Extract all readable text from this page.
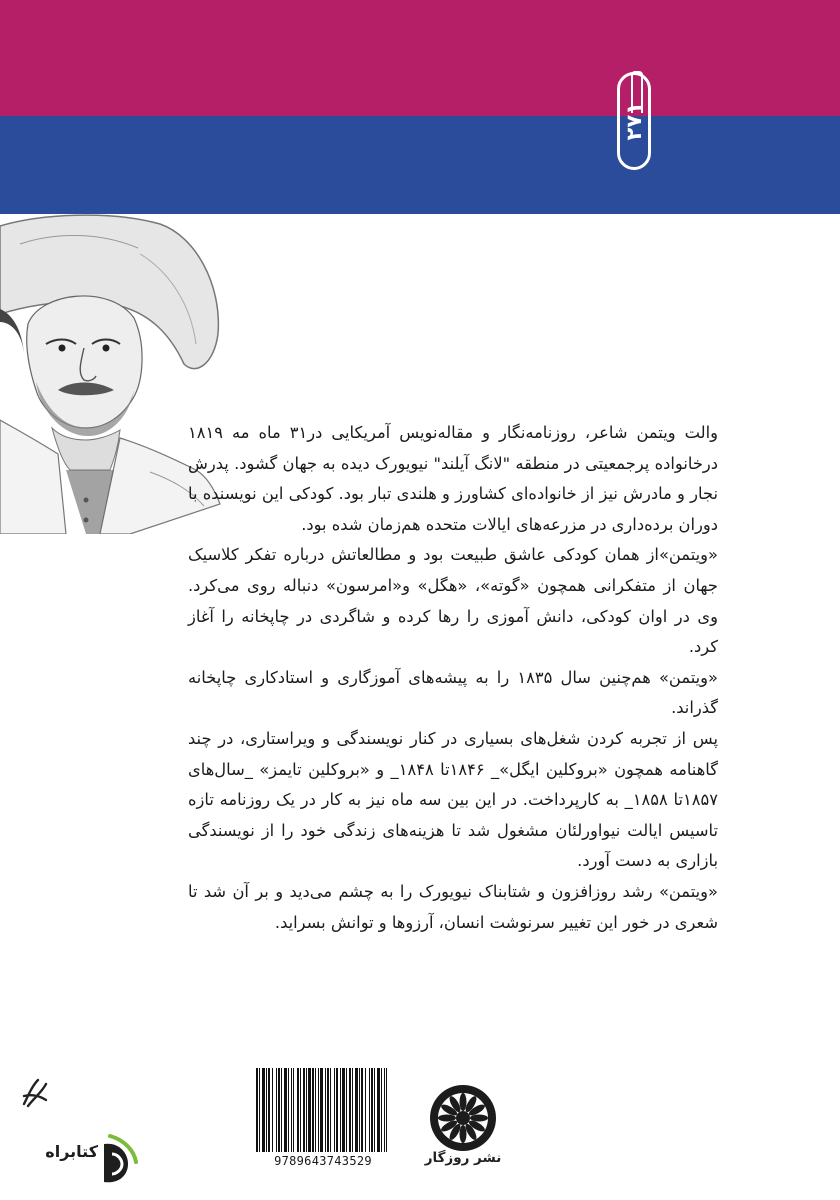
۲۷۱

والت ویتمن شاعر، روزنامه‌نگار و مقاله‌نویس آمریکایی در۳۱ ماه مه ۱۸۱۹ درخانواده پرجمعیتی در منطقه "لانگ آیلند" نیویورک دیده به جهان گشود. پدرش نجار و مادرش نیز از خانواده‌ای کشاورز و هلندی تبار بود. کودکی این نویسنده با دوران برده‌داری در مزرعه‌های ایالات متحده هم‌زمان شده بود.

«ویتمن»از همان کودکی عاشق طبیعت بود و مطالعاتش درباره تفکر کلاسیک جهان از متفکرانی همچون «گوته»، «هگل» و«امرسون» دنباله روی می‌کرد. وی در اوان کودکی، دانش آموزی را رها کرده و شاگردی در چاپخانه را آغاز کرد.

«ویتمن» هم‌چنین سال ۱۸۳۵ را به پیشه‌های آموزگاری و استادکاری چاپخانه گذراند.

پس از تجربه کردن شغل‌های بسیاری در کنار نویسندگی و ویراستاری، در چند گاهنامه همچون «بروکلین ایگل»_ ۱۸۴۶تا ۱۸۴۸_ و «بروکلین تایمز» _سال‌های ۱۸۵۷تا ۱۸۵۸_ به کارپرداخت. در این بین سه ماه نیز به کار در یک روزنامه تازه تاسیس ایالت نیواورلئان مشغول شد تا هزینه‌های زندگی خود را از نویسندگی بازاری به دست آورد.

«ویتمن» رشد روزافزون و شتابناک نیویورک را به چشم می‌دید و بر آن شد تا شعری در خور این تغییر سرنوشت انسان، آرزوها و توانش بسراید.

کتابراه	9789643743529	نشر روزگار
